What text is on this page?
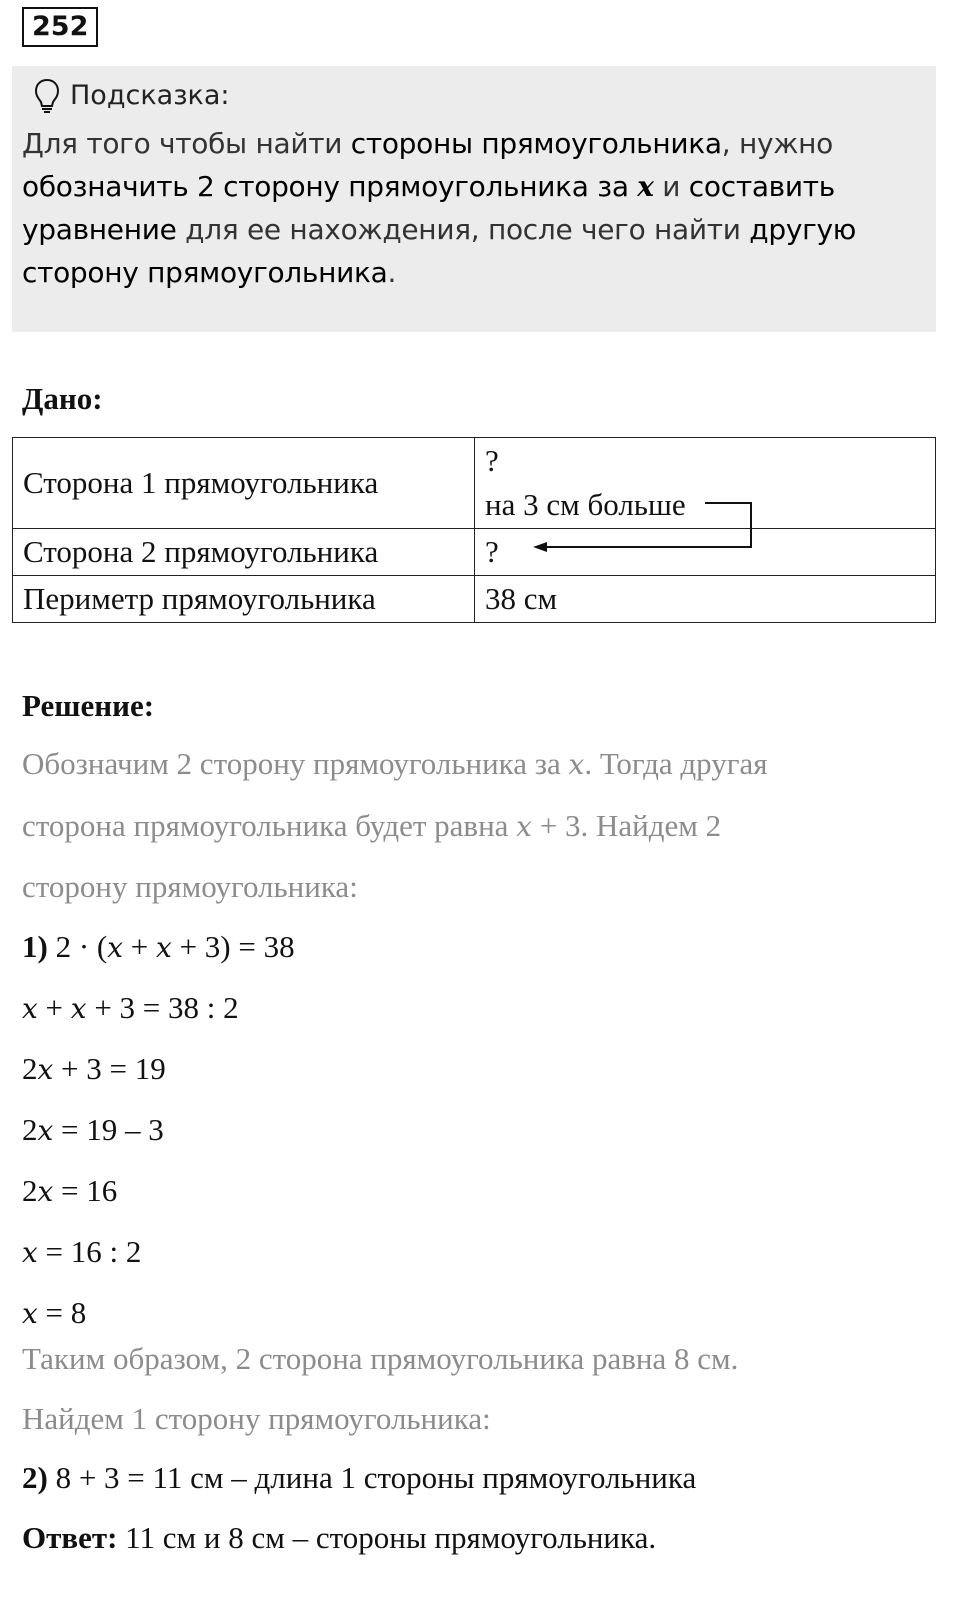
252
Подсказка:
Для того чтобы найти стороны прямоугольника, нужно обозначить 2 сторону прямоугольника за x и составить уравнение для ее нахождения, после чего найти другую сторону прямоугольника.
Дано:
Сторона 1 прямоугольника	?
на 3 см больше

Сторона 2 прямоугольника	?
Периметр прямоугольника	38 см
Решение:
Обозначим 2 сторону прямоугольника за x. Тогда другая
сторона прямоугольника будет равна x + 3. Найдем 2
сторону прямоугольника:
1) 2 · (x + x + 3) = 38
x + x + 3 = 38 : 2
2x + 3 = 19
2x = 19 – 3
2x = 16
x = 16 : 2
x = 8
Таким образом, 2 сторона прямоугольника равна 8 см.
Найдем 1 сторону прямоугольника:
2) 8 + 3 = 11 см – длина 1 стороны прямоугольника
Ответ: 11 см и 8 см – стороны прямоугольника.
